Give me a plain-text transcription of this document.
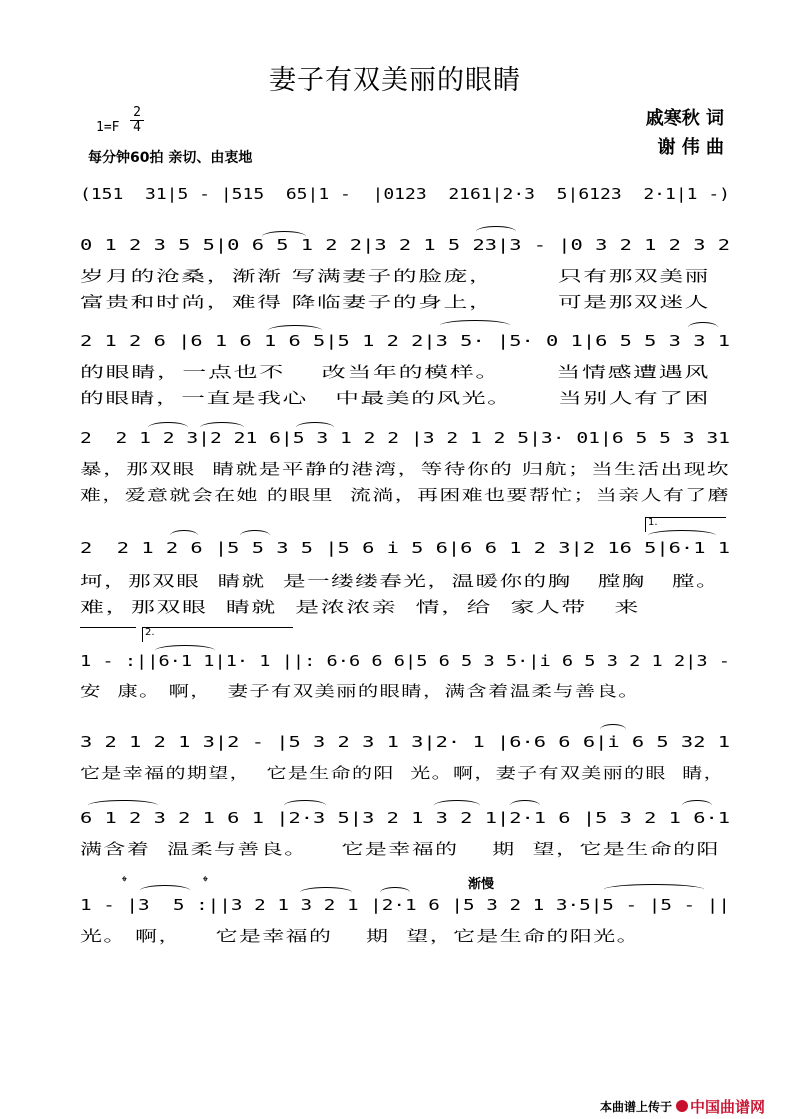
妻子有双美丽的眼睛
戚寒秋 词
谢 伟 曲
1=F
2
4
每分钟60拍 亲切、由衷地
(151  31|5 - |515  65|1 -  |0123  2161|2·3  5|6123  2·1|1 -)
0 1 2 3 5 5|0 6 5 1 2 2|3 2 1 5 23|3 - |0 3 2 1 2 3 2
2 1 2 6 |6 1 6 1 6 5|5 1 2 2|3 5· |5· 0 1|6 5 5 3 3 1
2  2 1 2 3|2 21 6|5 3 1 2 2 |3 2 1 2 5|3· 01|6 5 5 3 31
2  2 1 2 6 |5 5 3 5 |5 6 i 5 6|6 6 1 2 3|2 16 5|6·1 1
1 - :||6·1 1|1· 1 ||: 6·6 6 6|5 6 5 3 5·|i 6 5 3 2 1 2|3 -
3 2 1 2 1 3|2 - |5 3 2 3 1 3|2· 1 |6·6 6 6|i 6 5 32 1
6 1 2 3 2 1 6 1 |2·3 5|3 2 1 3 2 1|2·1 6 |5 3 2 1 6·1
1 - |3  5 :||3 2 1 3 2 1 |2·1 6 |5 3 2 1 3·5|5 - |5 - ||
岁月的沧桑，渐渐 写满妻子的脸庞，       只有那双美丽
富贵和时尚，难得 降临妻子的身上，       可是那双迷人
的眼睛，一点也不    改当年的模样。      当情感遭遇风
的眼睛，一直是我心   中最美的风光。     当别人有了困
暴，那双眼  睛就是平静的港湾，等待你的 归航；当生活出现坎
难，爱意就会在她 的眼里  流淌，再困难也要帮忙；当亲人有了磨
坷，那双眼  睛就  是一缕缕春光，温暖你的胸   膛胸   膛。
难，那双眼  睛就  是浓浓亲  情，给  家人带   来
安  康。 啊，  妻子有双美丽的眼睛，满含着温柔与善良。
它是幸福的期望，  它是生命的阳  光。啊，妻子有双美丽的眼  睛，
满含着  温柔与善良。    它是幸福的    期  望，它是生命的阳
光。 啊，    它是幸福的    期  望，它是生命的阳光。
1.
2.
渐慢
𝄌	𝄌
本曲谱上传于 中国曲谱网
